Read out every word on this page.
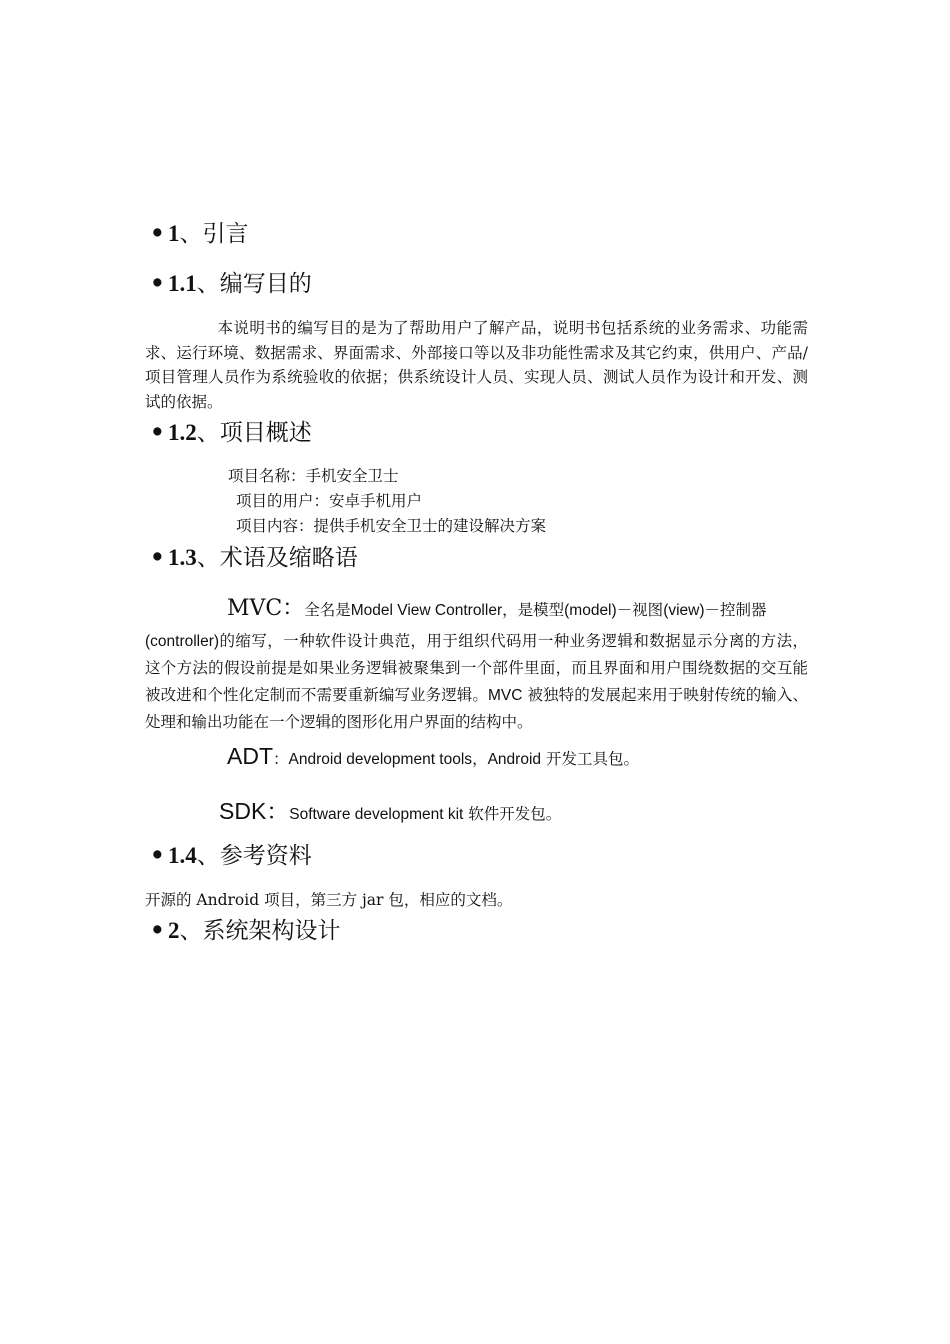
• 1、引言
• 1.1、编写目的
本说明书的编写目的是为了帮助用户了解产品，说明书包括系统的业务需求、功能需求、运行环境、数据需求、界面需求、外部接口等以及非功能性需求及其它约束，供用户、产品/项目管理人员作为系统验收的依据；供系统设计人员、实现人员、测试人员作为设计和开发、测试的依据。
• 1.2、项目概述
项目名称：手机安全卫士
项目的用户：安卓手机用户
项目内容：提供手机安全卫士的建设解决方案
• 1.3、术语及缩略语
MVC：全名是Model View Controller，是模型(model)－视图(view)－控制器

(controller)的缩写，一种软件设计典范，用于组织代码用一种业务逻辑和数据显示分离的方法，这个方法的假设前提是如果业务逻辑被聚集到一个部件里面，而且界面和用户围绕数据的交互能被改进和个性化定制而不需要重新编写业务逻辑。MVC 被独特的发展起来用于映射传统的输入、处理和输出功能在一个逻辑的图形化用户界面的结构中。
ADT：Android development tools，Android 开发工具包。
SDK：Software development kit 软件开发包。
• 1.4、参考资料
开源的 Android 项目，第三方 jar 包，相应的文档。
• 2、系统架构设计
